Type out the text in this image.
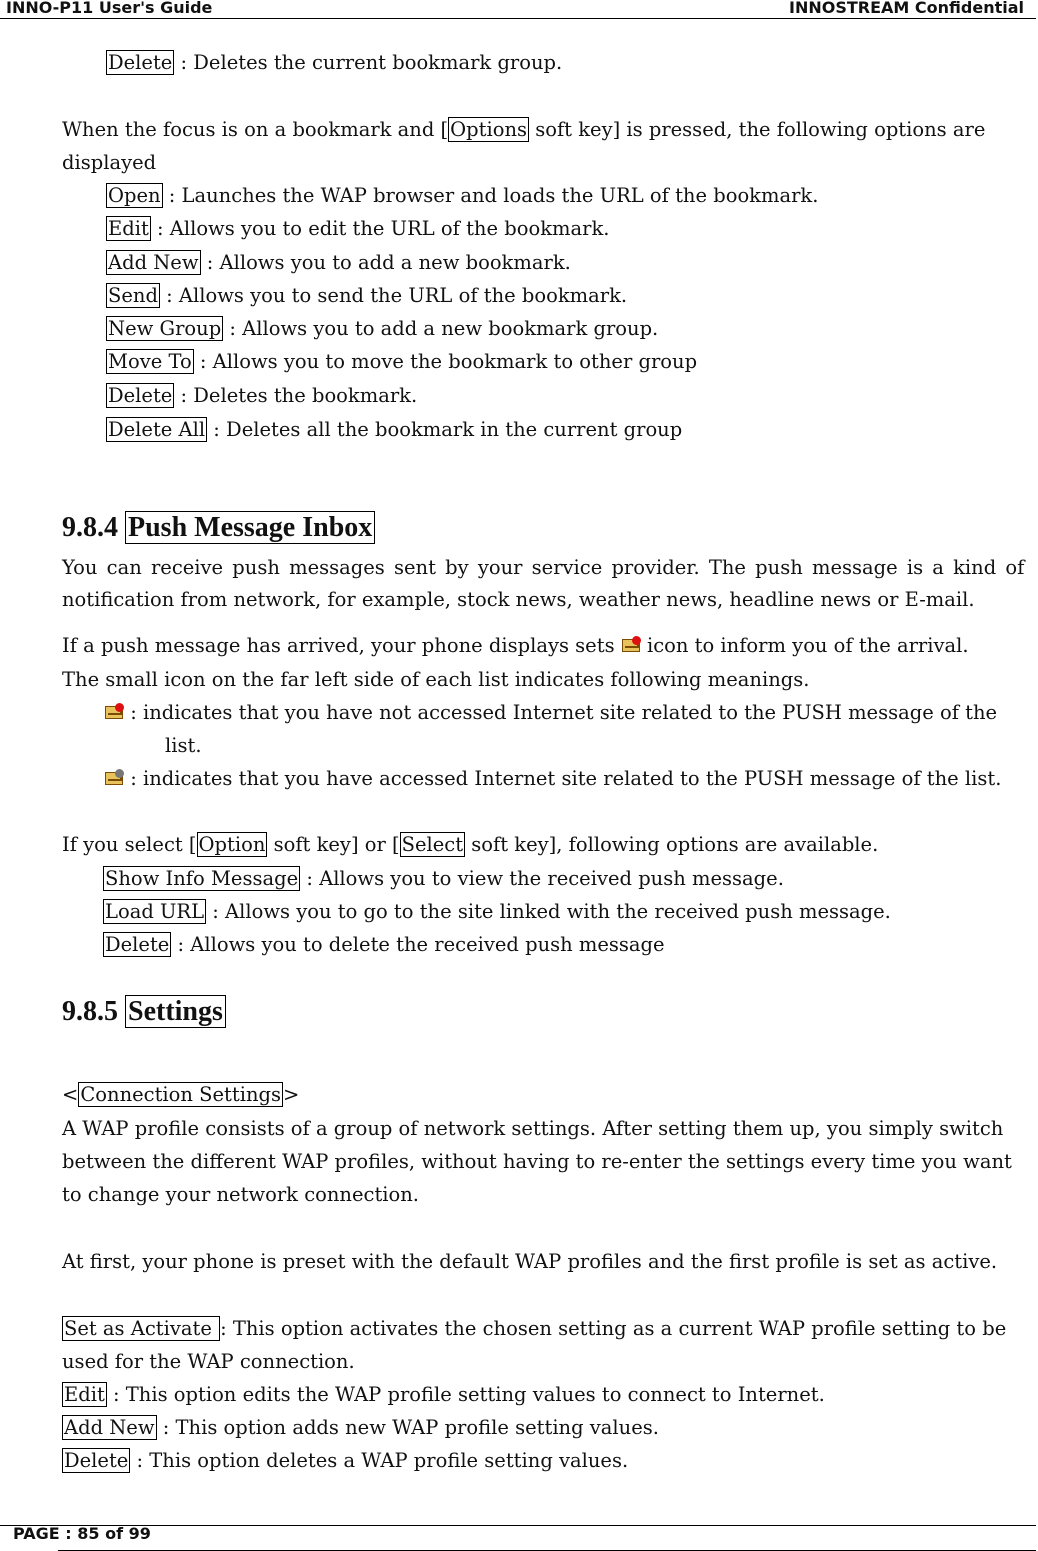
INNO-P11 User's Guide	INNOSTREAM Confidential
Delete : Deletes the current bookmark group.
When the focus is on a bookmark and [ Options soft key] is pressed, the following options are
displayed
Open : Launches the WAP browser and loads the URL of the bookmark.
Edit : Allows you to edit the URL of the bookmark.
Add New : Allows you to add a new bookmark.
Send : Allows you to send the URL of the bookmark.
New Group : Allows you to add a new bookmark group.
Move To : Allows you to move the bookmark to other group
Delete : Deletes the bookmark.
Delete All : Deletes all the bookmark in the current group
9.8.4 Push Message Inbox
You can receive push messages sent by your service provider. The push message is a kind of
notification from network, for example, stock news, weather news, headline news or E-mail.
If a push message has arrived, your phone displays sets
icon to inform you of the arrival.
The small icon on the far left side of each list indicates following meanings.
: indicates that you have not accessed Internet site related to the PUSH message of the
list.
: indicates that you have accessed Internet site related to the PUSH message of the list.
If you select [ Option soft key] or [ Select soft key], following options are available.
Show Info Message : Allows you to view the received push message.
Load URL : Allows you to go to the site linked with the received push message.
Delete : Allows you to delete the received push message
9.8.5 Settings
< Connection Settings >
A WAP profile consists of a group of network settings. After setting them up, you simply switch
between the different WAP profiles, without having to re-enter the settings every time you want
to change your network connection.
At first, your phone is preset with the default WAP profiles and the first profile is set as active.
Set as Activate : This option activates the chosen setting as a current WAP profile setting to be
used for the WAP connection.
Edit : This option edits the WAP profile setting values to connect to Internet.
Add New : This option adds new WAP profile setting values.
Delete : This option deletes a WAP profile setting values.
PAGE : 85 of 99
